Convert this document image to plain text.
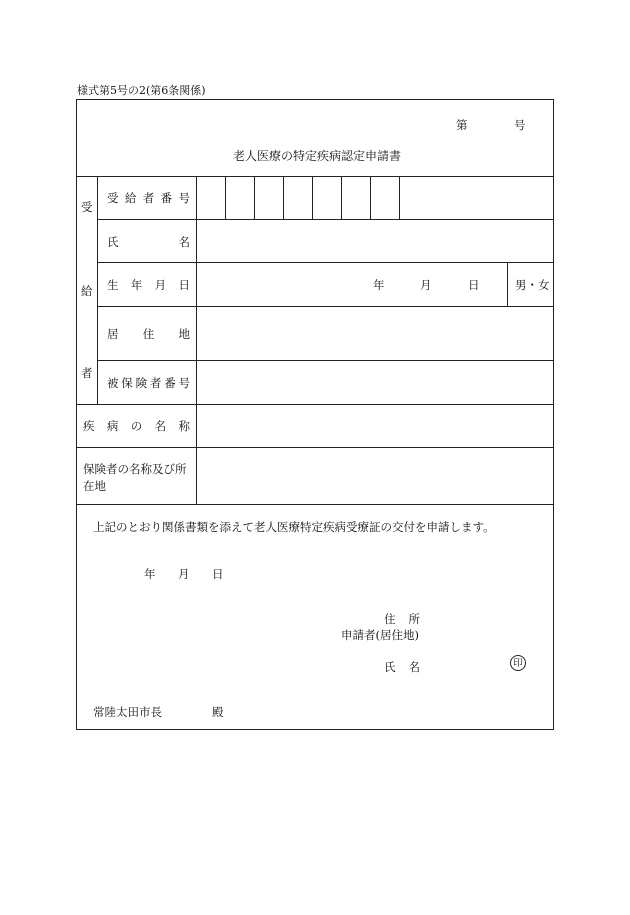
様式第5号の2(第6条関係)
第	号
老人医療の特定疾病認定申請書
受
給
者
受 給 者 番 号
氏	名
生 年 月 日	年	月	日	男・女
居 住 地
被 保 険 者 番 号
疾 病 の 名 称
保険者の名称及び所
在地
上記のとおり関係書類を添えて老人医療特定疾病受療証の交付を申請します。
年 月 日
住 所
申請者(居住地)
氏 名	印
常陸太田市長	殿
